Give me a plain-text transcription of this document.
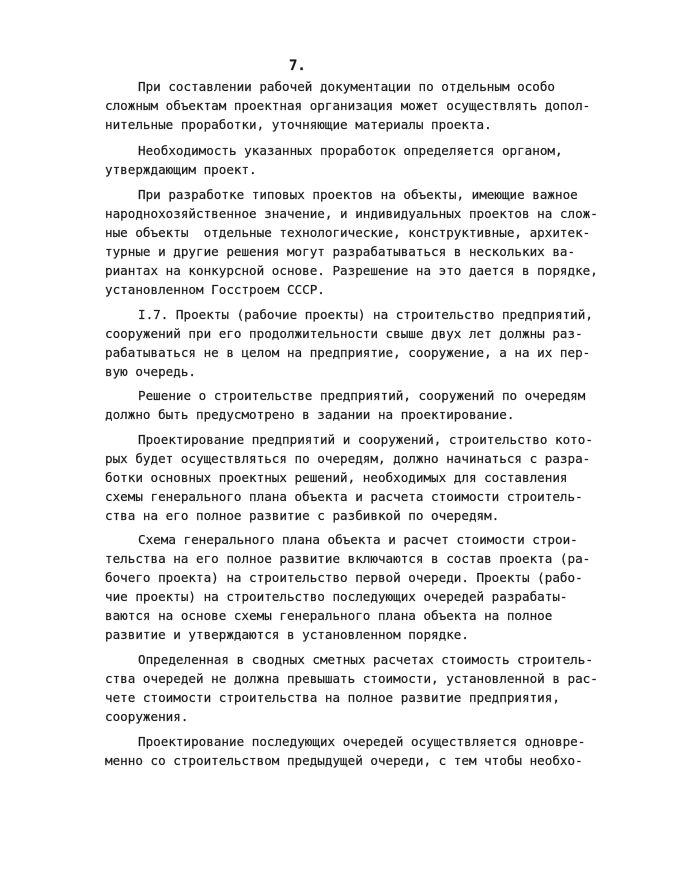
7.
При составлении рабочей документации по отдельным особо
сложным объектам проектная организация может осуществлять допол-
нительные проработки, уточняющие материалы проекта.
Необходимость указанных проработок определяется органом,
утверждающим проект.
При разработке типовых проектов на объекты, имеющие важное
народнохозяйственное значение, и индивидуальных проектов на слож-
ные объекты  отдельные технологические, конструктивные, архитек-
турные и другие решения могут разрабатываться в нескольких ва-
риантах на конкурсной основе. Разрешение на это дается в порядке,
установленном Госстроем СССР.
I.7. Проекты (рабочие проекты) на строительство предприятий,
сооружений при его продолжительности свыше двух лет должны раз-
рабатываться не в целом на предприятие, сооружение, а на их пер-
вую очередь.
Решение о строительстве предприятий, сооружений по очередям
должно быть предусмотрено в задании на проектирование.
Проектирование предприятий и сооружений, строительство кото-
рых будет осуществляться по очередям, должно начинаться с разра-
ботки основных проектных решений, необходимых для составления
схемы генерального плана объекта и расчета стоимости строитель-
ства на его полное развитие с разбивкой по очередям.
Схема генерального плана объекта и расчет стоимости строи-
тельства на его полное развитие включаются в состав проекта (ра-
бочего проекта) на строительство первой очереди. Проекты (рабо-
чие проекты) на строительство последующих очередей разрабаты-
ваются на основе схемы генерального плана объекта на полное
развитие и утверждаются в установленном порядке.
Определенная в сводных сметных расчетах стоимость строитель-
ства очередей не должна превышать стоимости, установленной в рас-
чете стоимости строительства на полное развитие предприятия,
сооружения.
Проектирование последующих очередей осуществляется одновре-
менно со строительством предыдущей очереди, с тем чтобы необхо-
